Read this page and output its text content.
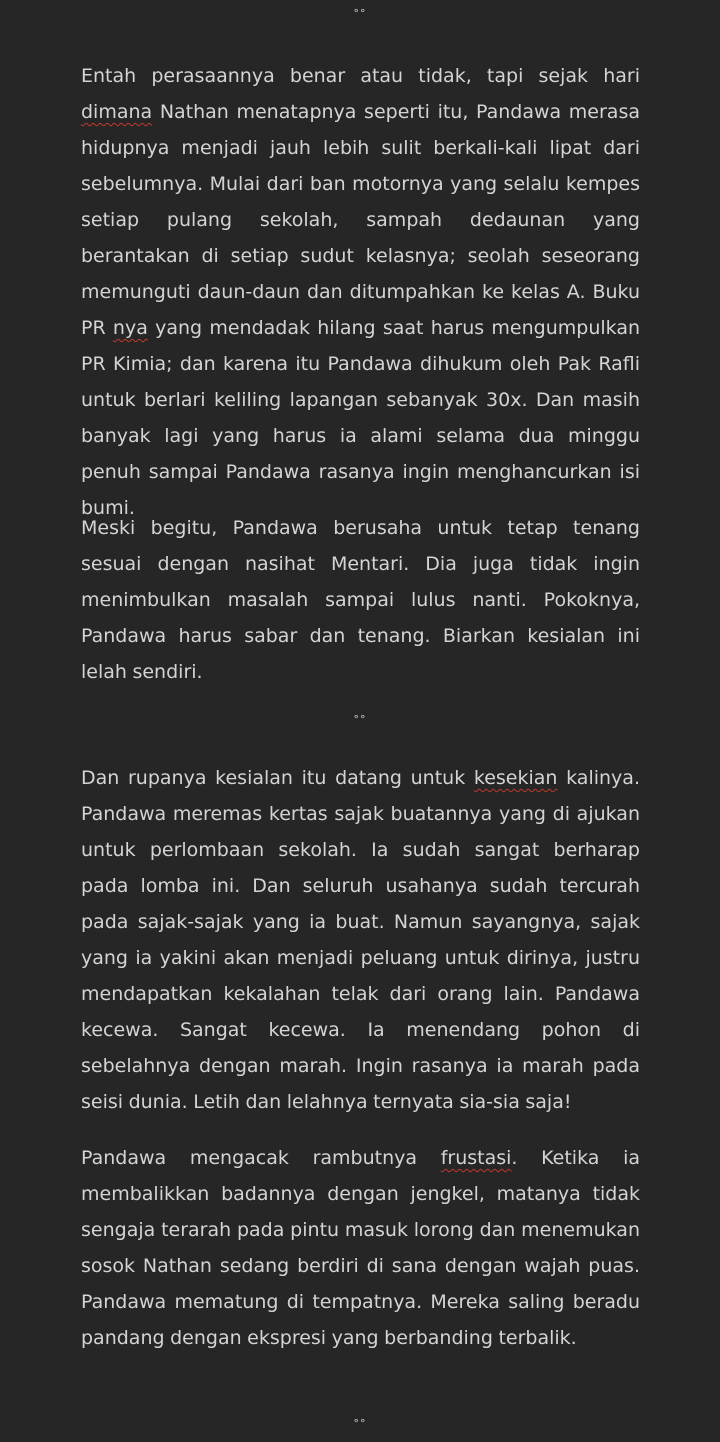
°°

Entah perasaannya benar atau tidak, tapi sejak hari dimana Nathan menatapnya seperti itu, Pandawa merasa hidupnya menjadi jauh lebih sulit berkali-kali lipat dari sebelumnya. Mulai dari ban motornya yang selalu kempes setiap pulang sekolah, sampah dedaunan yang berantakan di setiap sudut kelasnya; seolah seseorang memunguti daun-daun dan ditumpahkan ke kelas A. Buku PR nya yang mendadak hilang saat harus mengumpulkan PR Kimia; dan karena itu Pandawa dihukum oleh Pak Rafli untuk berlari keliling lapangan sebanyak 30x. Dan masih banyak lagi yang harus ia alami selama dua minggu penuh sampai Pandawa rasanya ingin menghancurkan isi bumi.

Meski begitu, Pandawa berusaha untuk tetap tenang sesuai dengan nasihat Mentari. Dia juga tidak ingin menimbulkan masalah sampai lulus nanti. Pokoknya, Pandawa harus sabar dan tenang. Biarkan kesialan ini lelah sendiri.

°°

Dan rupanya kesialan itu datang untuk kesekian kalinya. Pandawa meremas kertas sajak buatannya yang di ajukan untuk perlombaan sekolah. Ia sudah sangat berharap pada lomba ini. Dan seluruh usahanya sudah tercurah pada sajak-sajak yang ia buat. Namun sayangnya, sajak yang ia yakini akan menjadi peluang untuk dirinya, justru mendapatkan kekalahan telak dari orang lain. Pandawa kecewa. Sangat kecewa. Ia menendang pohon di sebelahnya dengan marah. Ingin rasanya ia marah pada seisi dunia. Letih dan lelahnya ternyata sia-sia saja!

Pandawa mengacak rambutnya frustasi. Ketika ia membalikkan badannya dengan jengkel, matanya tidak sengaja terarah pada pintu masuk lorong dan menemukan sosok Nathan sedang berdiri di sana dengan wajah puas. Pandawa mematung di tempatnya. Mereka saling beradu pandang dengan ekspresi yang berbanding terbalik.

°°
